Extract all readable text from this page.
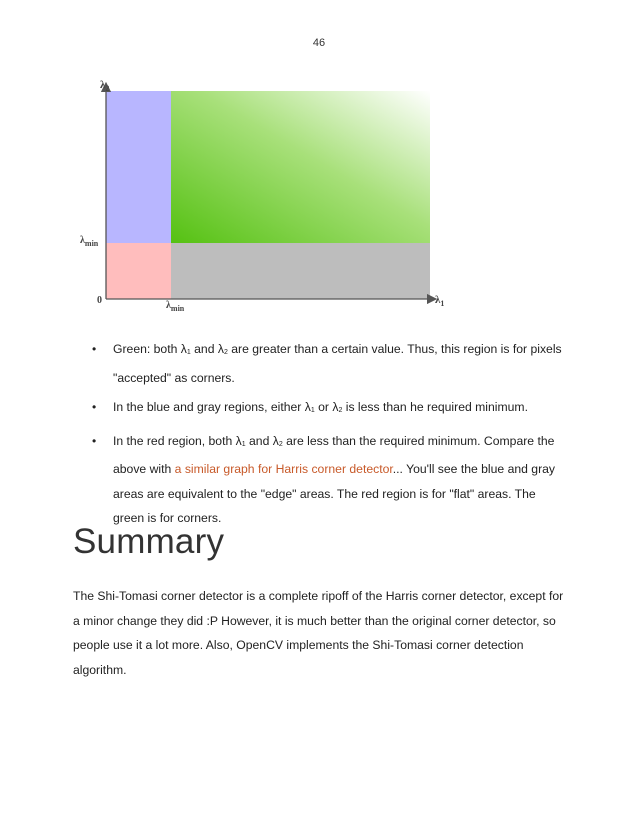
46
$\lambda_2$
$\lambda_1$
0
$\lambda_{min}$
$\lambda_{min}$
• Green: both $\lambda_1$ and $\lambda_2$ are greater than a certain value. Thus, this region is for pixels "accepted" as corners.
• In the blue and gray regions, either $\lambda_1$ or $\lambda_2$ is less than he required minimum.
• In the red region, both $\lambda_1$ and $\lambda_2$ are less than the required minimum. Compare the above with a similar graph for Harris corner detector... You'll see the blue and gray areas are equivalent to the "edge" areas. The red region is for "flat" areas. The green is for corners.
Summary

The Shi-Tomasi corner detector is a complete ripoff of the Harris corner detector, except for a minor change they did :P However, it is much better than the original corner detector, so people use it a lot more. Also, OpenCV implements the Shi-Tomasi corner detection algorithm.
